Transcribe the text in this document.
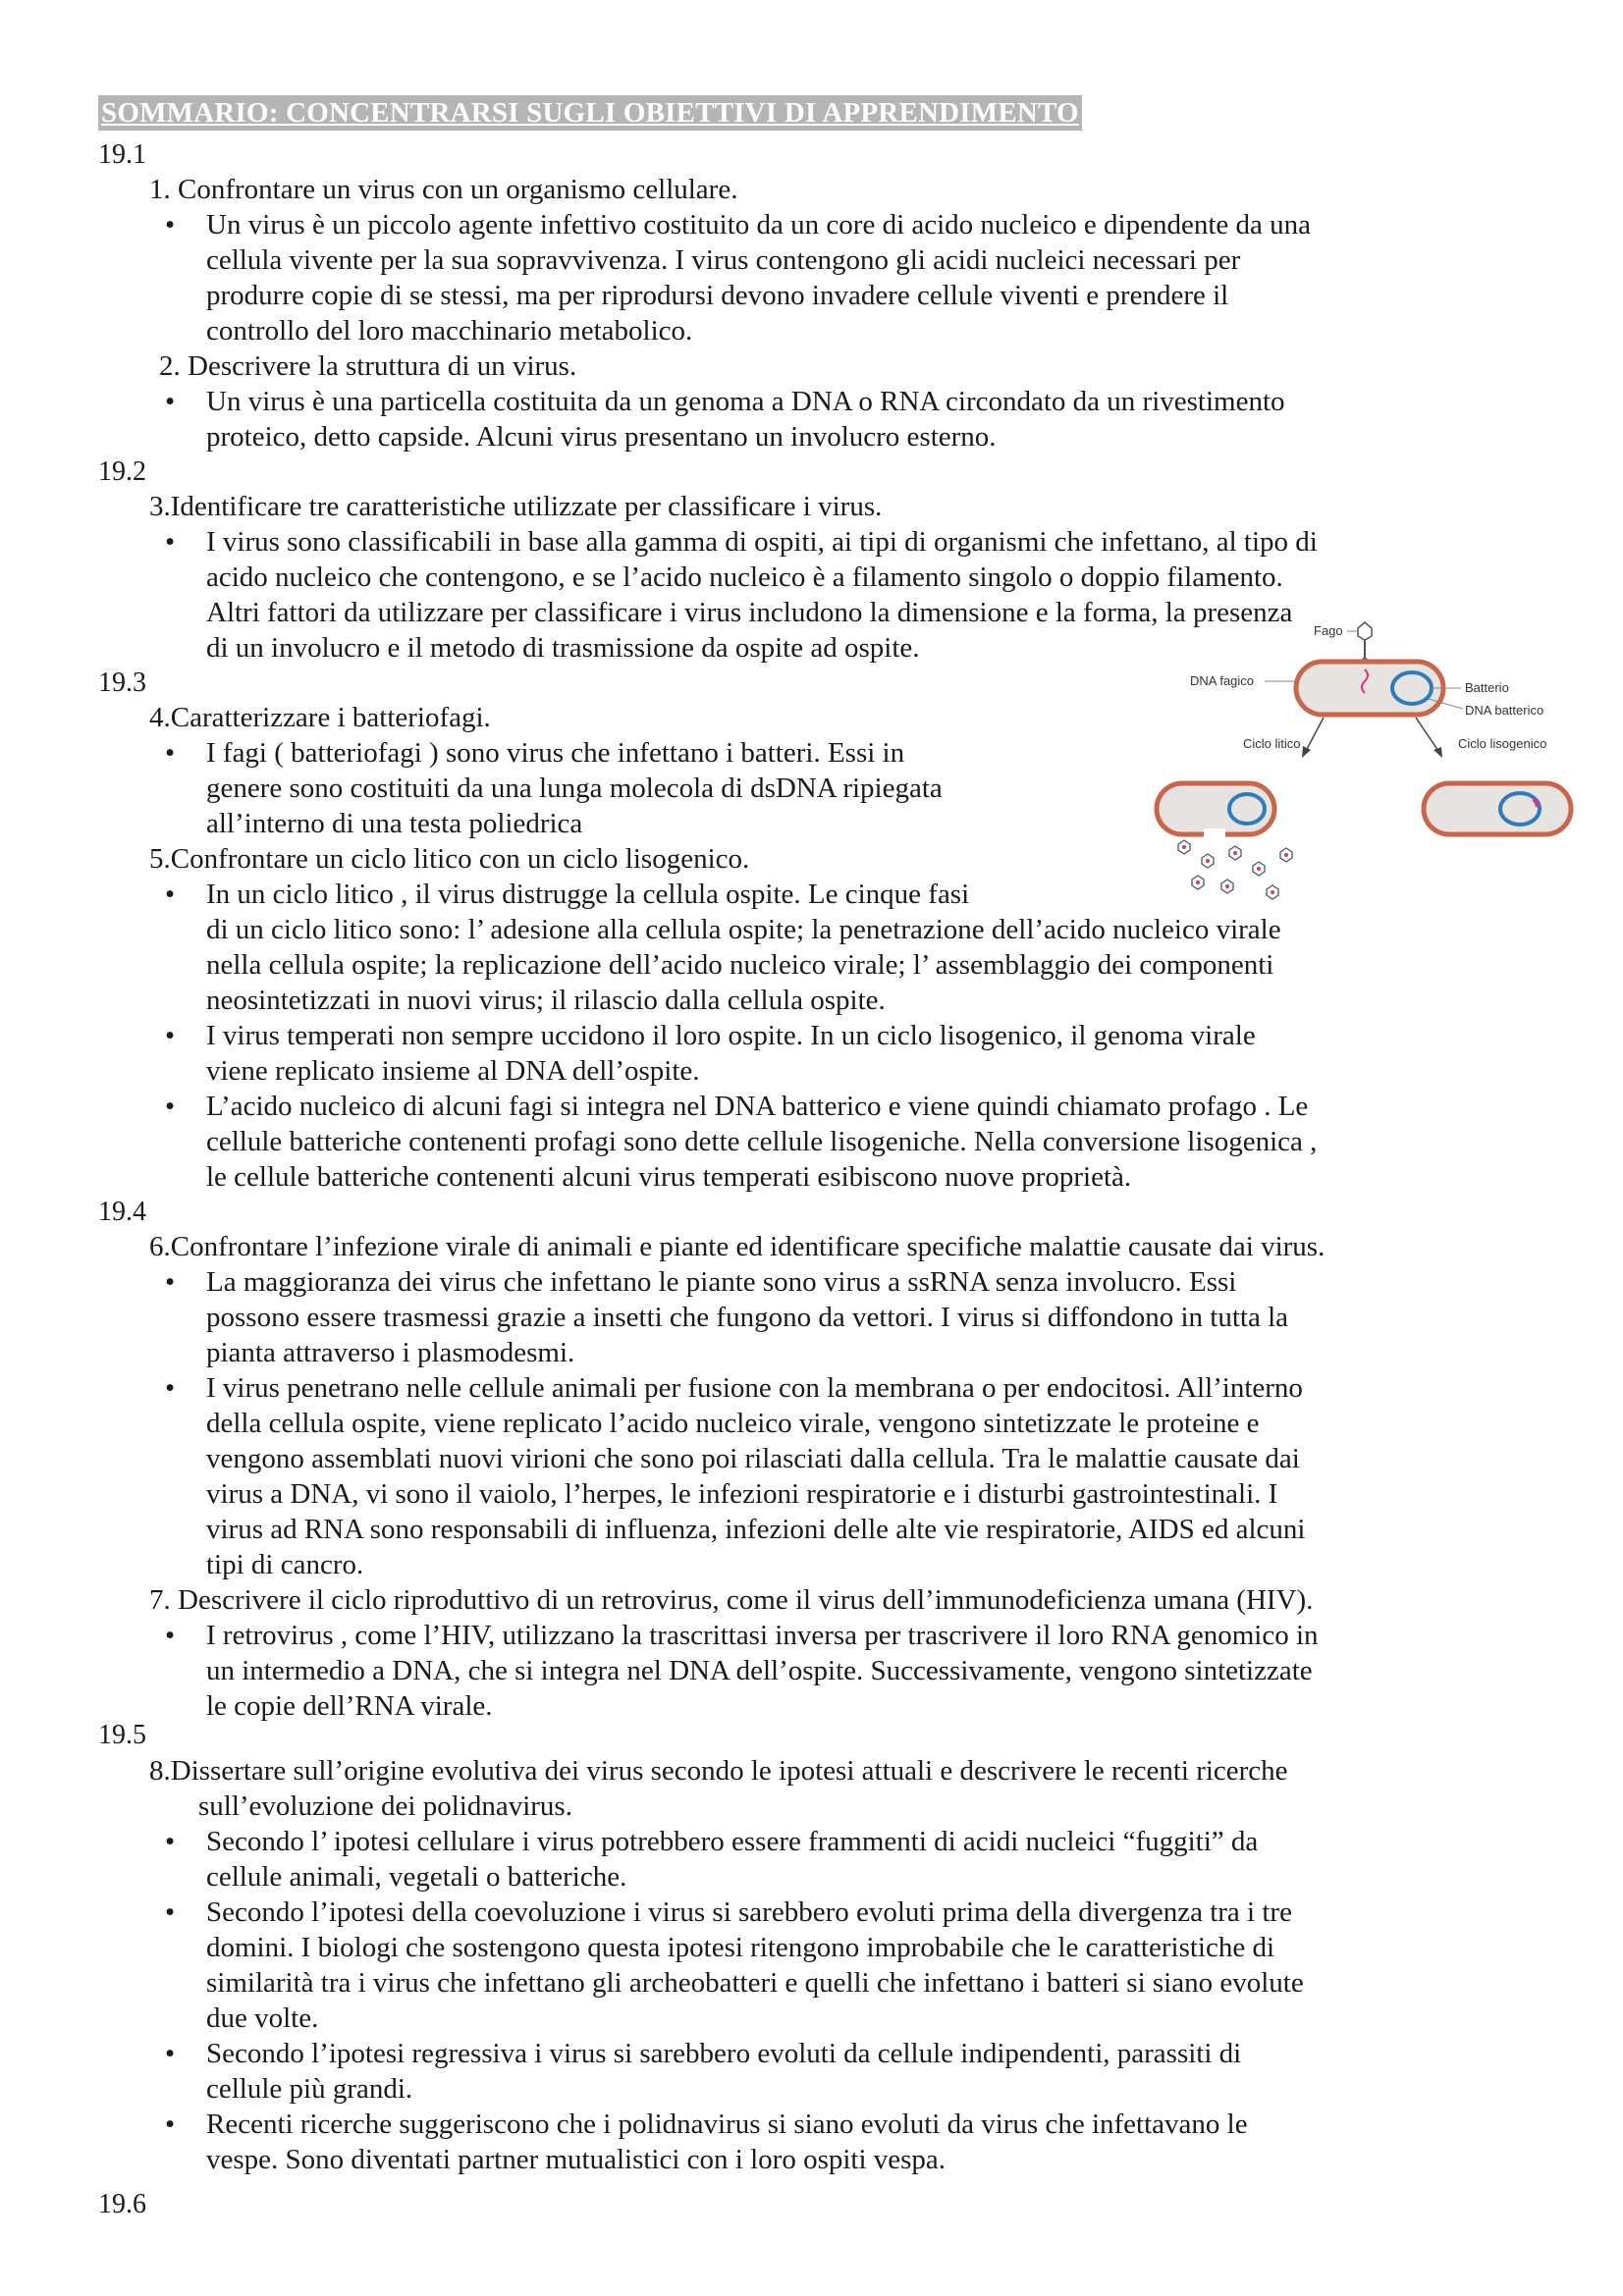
SOMMARIO: CONCENTRARSI SUGLI OBIETTIVI DI APPRENDIMENTO
19.1
1. Confrontare un virus con un organismo cellulare.
• Un virus è un piccolo agente infettivo costituito da un core di acido nucleico e dipendente da una
cellula vivente per la sua sopravvivenza. I virus contengono gli acidi nucleici necessari per
produrre copie di se stessi, ma per riprodursi devono invadere cellule viventi e prendere il
controllo del loro macchinario metabolico.
2. Descrivere la struttura di un virus.
• Un virus è una particella costituita da un genoma a DNA o RNA circondato da un rivestimento
proteico, detto capside. Alcuni virus presentano un involucro esterno.
19.2
3.Identificare tre caratteristiche utilizzate per classificare i virus.
• I virus sono classificabili in base alla gamma di ospiti, ai tipi di organismi che infettano, al tipo di
acido nucleico che contengono, e se l’acido nucleico è a filamento singolo o doppio filamento.
Altri fattori da utilizzare per classificare i virus includono la dimensione e la forma, la presenza
di un involucro e il metodo di trasmissione da ospite ad ospite.
19.3
4.Caratterizzare i batteriofagi.
• I fagi ( batteriofagi ) sono virus che infettano i batteri. Essi in
genere sono costituiti da una lunga molecola di dsDNA ripiegata
all’interno di una testa poliedrica
5.Confrontare un ciclo litico con un ciclo lisogenico.
• In un ciclo litico , il virus distrugge la cellula ospite. Le cinque fasi
di un ciclo litico sono: l’ adesione alla cellula ospite; la penetrazione dell’acido nucleico virale
nella cellula ospite; la replicazione dell’acido nucleico virale; l’ assemblaggio dei componenti
neosintetizzati in nuovi virus; il rilascio dalla cellula ospite.
• I virus temperati non sempre uccidono il loro ospite. In un ciclo lisogenico, il genoma virale
viene replicato insieme al DNA dell’ospite.
• L’acido nucleico di alcuni fagi si integra nel DNA batterico e viene quindi chiamato profago . Le
cellule batteriche contenenti profagi sono dette cellule lisogeniche. Nella conversione lisogenica ,
le cellule batteriche contenenti alcuni virus temperati esibiscono nuove proprietà.
19.4
6.Confrontare l’infezione virale di animali e piante ed identificare specifiche malattie causate dai virus.
• La maggioranza dei virus che infettano le piante sono virus a ssRNA senza involucro. Essi
possono essere trasmessi grazie a insetti che fungono da vettori. I virus si diffondono in tutta la
pianta attraverso i plasmodesmi.
• I virus penetrano nelle cellule animali per fusione con la membrana o per endocitosi. All’interno
della cellula ospite, viene replicato l’acido nucleico virale, vengono sintetizzate le proteine e
vengono assemblati nuovi virioni che sono poi rilasciati dalla cellula. Tra le malattie causate dai
virus a DNA, vi sono il vaiolo, l’herpes, le infezioni respiratorie e i disturbi gastrointestinali. I
virus ad RNA sono responsabili di influenza, infezioni delle alte vie respiratorie, AIDS ed alcuni
tipi di cancro.
7. Descrivere il ciclo riproduttivo di un retrovirus, come il virus dell’immunodeficienza umana (HIV).
• I retrovirus , come l’HIV, utilizzano la trascrittasi inversa per trascrivere il loro RNA genomico in
un intermedio a DNA, che si integra nel DNA dell’ospite. Successivamente, vengono sintetizzate
le copie dell’RNA virale.
19.5
8.Dissertare sull’origine evolutiva dei virus secondo le ipotesi attuali e descrivere le recenti ricerche
sull’evoluzione dei polidnavirus.
• Secondo l’ ipotesi cellulare i virus potrebbero essere frammenti di acidi nucleici “fuggiti” da
cellule animali, vegetali o batteriche.
• Secondo l’ipotesi della coevoluzione i virus si sarebbero evoluti prima della divergenza tra i tre
domini. I biologi che sostengono questa ipotesi ritengono improbabile che le caratteristiche di
similarità tra i virus che infettano gli archeobatteri e quelli che infettano i batteri si siano evolute
due volte.
• Secondo l’ipotesi regressiva i virus si sarebbero evoluti da cellule indipendenti, parassiti di
cellule più grandi.
• Recenti ricerche suggeriscono che i polidnavirus si siano evoluti da virus che infettavano le
vespe. Sono diventati partner mutualistici con i loro ospiti vespa.
19.6
Fago
DNA fagico	Batterio
DNA batterico
Ciclo litico	Ciclo lisogenico
